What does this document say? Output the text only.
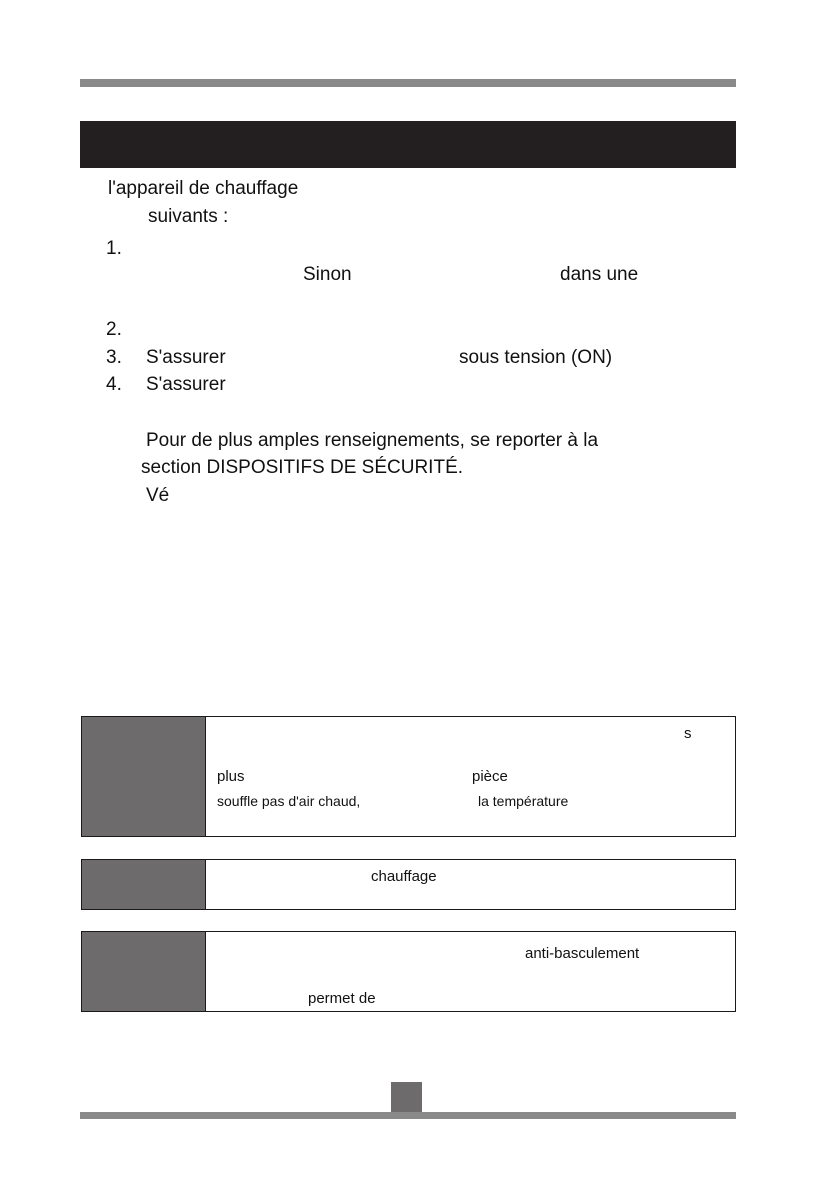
l'appareil de chauffage
suivants :
1.
Sinon	dans une
2.
3. S'assurer	sous tension (ON)
4. S'assurer
Pour de plus amples renseignements, se reporter à la
section DISPOSITIFS DE SÉCURITÉ.
Vé
s
plus	pièce
souffle pas d'air chaud,	la température
chauffage
anti-basculement
permet de
